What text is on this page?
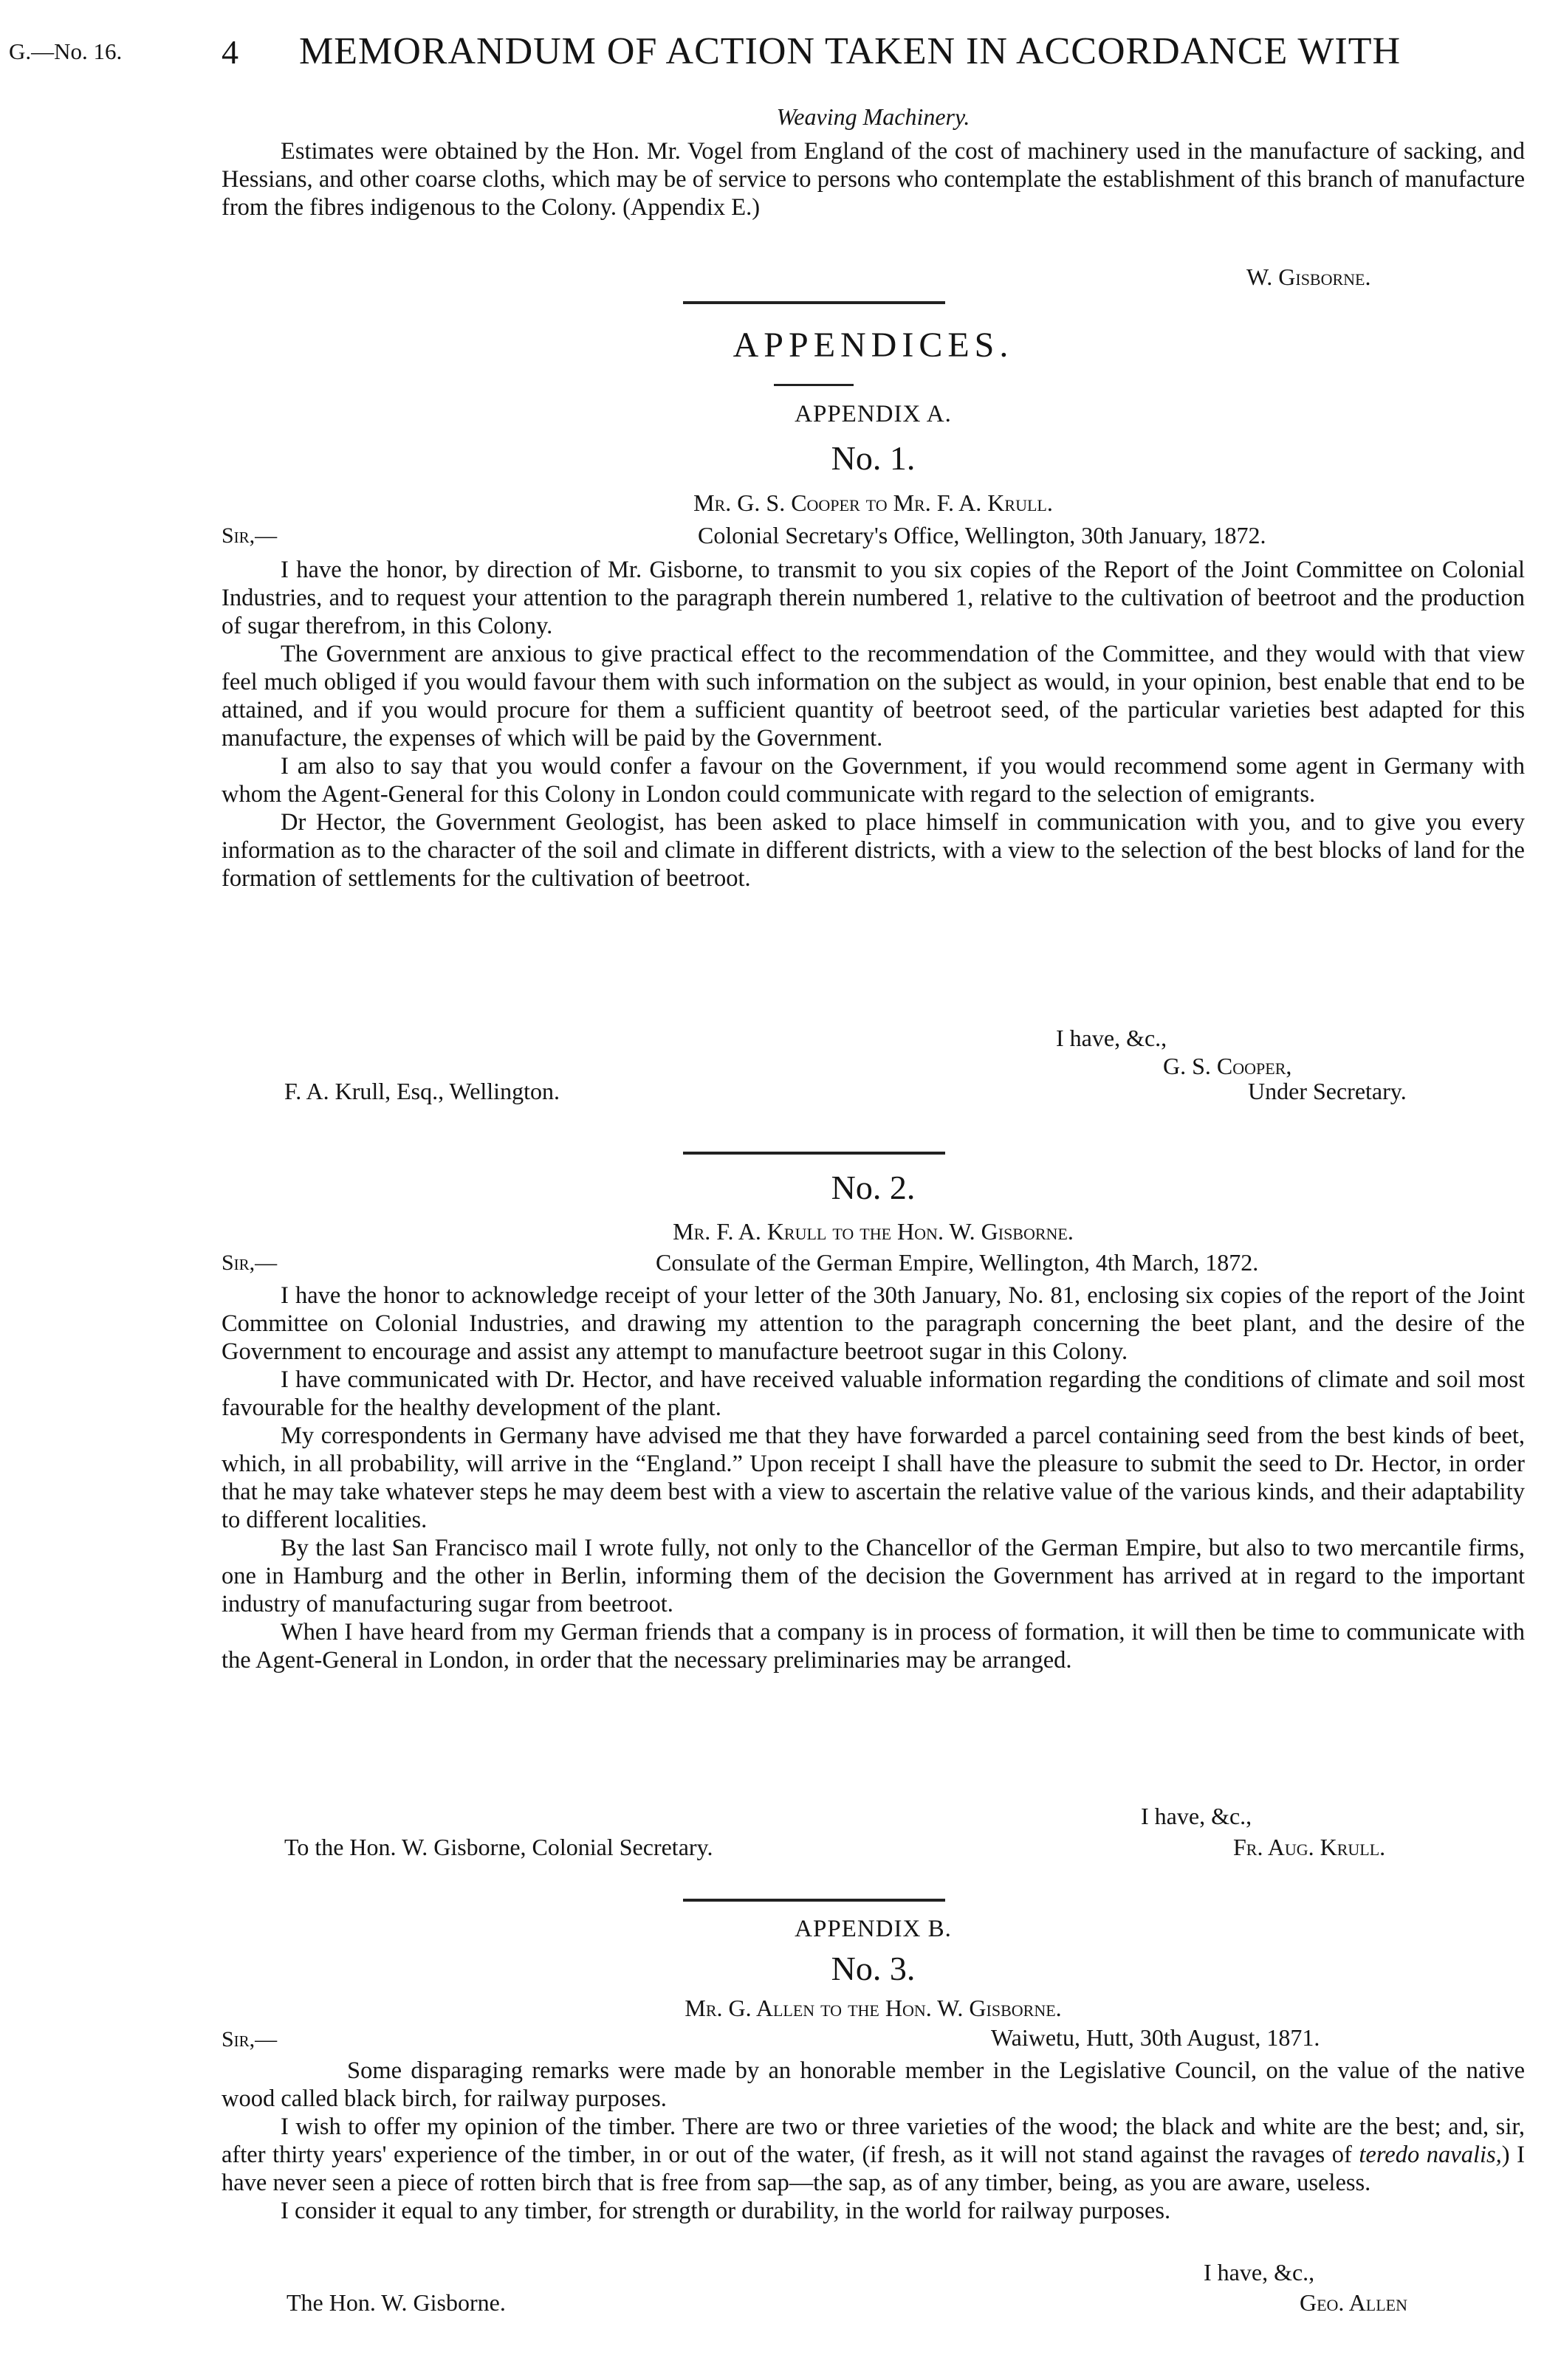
G.—No. 16.	4 MEMORANDUM OF ACTION TAKEN IN ACCORDANCE WITH
Weaving Machinery.

Estimates were obtained by the Hon. Mr. Vogel from England of the cost of machinery used in the manufacture of sacking, and Hessians, and other coarse cloths, which may be of service to persons who contemplate the establishment of this branch of manufacture from the fibres indigenous to the Colony. (Appendix E.)

W. Gisborne.
APPENDICES.
APPENDIX A.
No. 1.
Mr. G. S. Cooper to Mr. F. A. Krull.
Sir,—	Colonial Secretary's Office, Wellington, 30th January, 1872.

I have the honor, by direction of Mr. Gisborne, to transmit to you six copies of the Report of the Joint Committee on Colonial Industries, and to request your attention to the paragraph therein numbered 1, relative to the cultivation of beetroot and the production of sugar therefrom, in this Colony.

The Government are anxious to give practical effect to the recommendation of the Committee, and they would with that view feel much obliged if you would favour them with such information on the subject as would, in your opinion, best enable that end to be attained, and if you would procure for them a sufficient quantity of beetroot seed, of the particular varieties best adapted for this manufacture, the expenses of which will be paid by the Government.

I am also to say that you would confer a favour on the Government, if you would recommend some agent in Germany with whom the Agent-General for this Colony in London could communicate with regard to the selection of emigrants.

Dr Hector, the Government Geologist, has been asked to place himself in communication with you, and to give you every information as to the character of the soil and climate in different districts, with a view to the selection of the best blocks of land for the formation of settlements for the cultivation of beetroot.

I have, &c.,
G. S. Cooper,
F. A. Krull, Esq., Wellington.	Under Secretary.
No. 2.
Mr. F. A. Krull to the Hon. W. Gisborne.
Sir,—	Consulate of the German Empire, Wellington, 4th March, 1872.

I have the honor to acknowledge receipt of your letter of the 30th January, No. 81, enclosing six copies of the report of the Joint Committee on Colonial Industries, and drawing my attention to the paragraph concerning the beet plant, and the desire of the Government to encourage and assist any attempt to manufacture beetroot sugar in this Colony.

I have communicated with Dr. Hector, and have received valuable information regarding the conditions of climate and soil most favourable for the healthy development of the plant.

My correspondents in Germany have advised me that they have forwarded a parcel containing seed from the best kinds of beet, which, in all probability, will arrive in the “England.” Upon receipt I shall have the pleasure to submit the seed to Dr. Hector, in order that he may take whatever steps he may deem best with a view to ascertain the relative value of the various kinds, and their adaptability to different localities.

By the last San Francisco mail I wrote fully, not only to the Chancellor of the German Empire, but also to two mercantile firms, one in Hamburg and the other in Berlin, informing them of the decision the Government has arrived at in regard to the important industry of manufacturing sugar from beetroot.

When I have heard from my German friends that a company is in process of formation, it will then be time to communicate with the Agent-General in London, in order that the necessary preliminaries may be arranged.

I have, &c.,
To the Hon. W. Gisborne, Colonial Secretary.	Fr. Aug. Krull.
APPENDIX B.
No. 3.
Mr. G. Allen to the Hon. W. Gisborne.
Sir,—	Waiwetu, Hutt, 30th August, 1871.

Some disparaging remarks were made by an honorable member in the Legislative Council, on the value of the native wood called black birch, for railway purposes.

I wish to offer my opinion of the timber. There are two or three varieties of the wood; the black and white are the best; and, sir, after thirty years' experience of the timber, in or out of the water, (if fresh, as it will not stand against the ravages of teredo navalis,) I have never seen a piece of rotten birch that is free from sap—the sap, as of any timber, being, as you are aware, useless.

I consider it equal to any timber, for strength or durability, in the world for railway purposes.

I have, &c.,
The Hon. W. Gisborne.	Geo. Allen
